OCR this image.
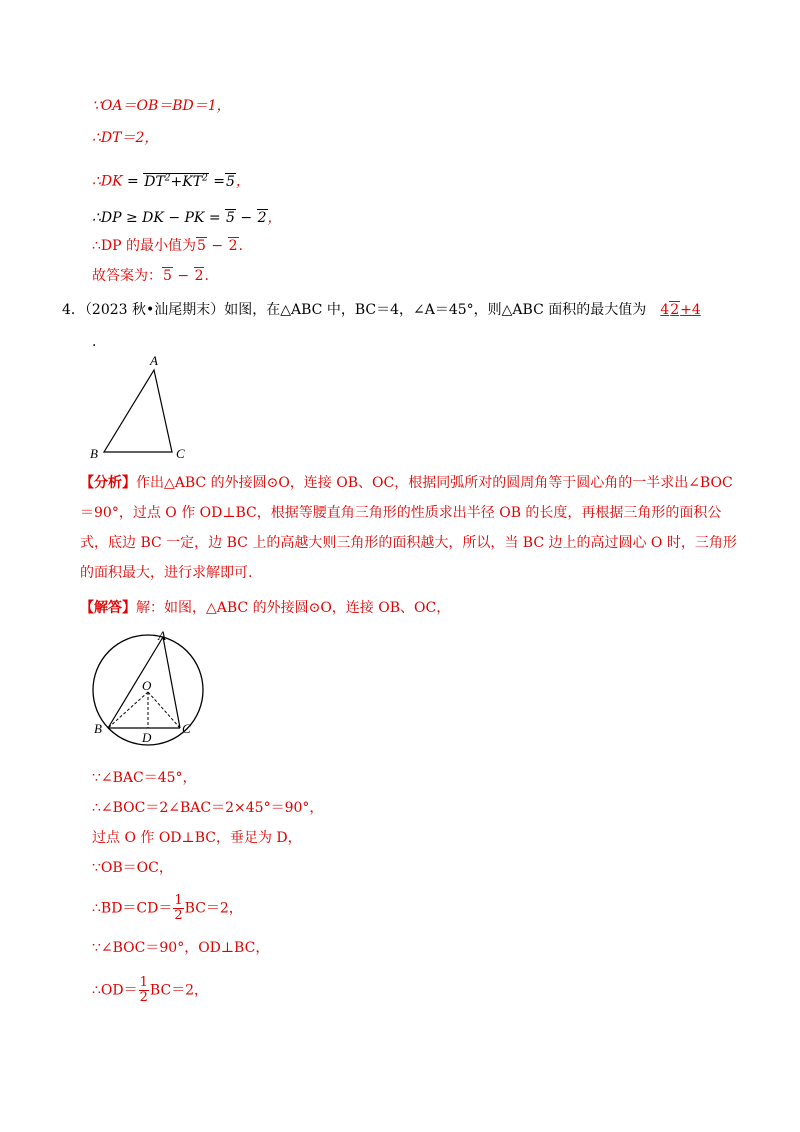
∵OA＝OB＝BD＝1，
∴DT＝2，
∴DK = $DT^2+KT^2 =5$，
∴DP ≥ DK − PK = 5 − 2，
∴DP 的最小值为5 − 2.
故答案为：5 − 2.
4．（2023 秋•汕尾期末）如图，在△ABC 中，BC＝4，∠A＝45°，则△ABC 面积的最大值为 42+4
.
A
B	C
【分析】作出△ABC 的外接圆⊙O，连接 OB、OC，根据同弧所对的圆周角等于圆心角的一半求出∠BOC＝90°，过点 O 作 OD⊥BC，根据等腰直角三角形的性质求出半径 OB 的长度，再根据三角形的面积公式，底边 BC 一定，边 BC 上的高越大则三角形的面积越大，所以，当 BC 边上的高过圆心 O 时，三角形的面积最大，进行求解即可.
【解答】解：如图，△ABC 的外接圆⊙O，连接 OB、OC，
A
O
B	C
D
∵∠BAC＝45°，
∴∠BOC＝2∠BAC＝2×45°＝90°，
过点 O 作 OD⊥BC，垂足为 D，
∵OB＝OC，
∴BD＝CD＝ $\frac{1}{2} BC=2$，
∵∠BOC＝90°，OD⊥BC，
∴OD＝ $\frac{1}{2} BC=2$，
